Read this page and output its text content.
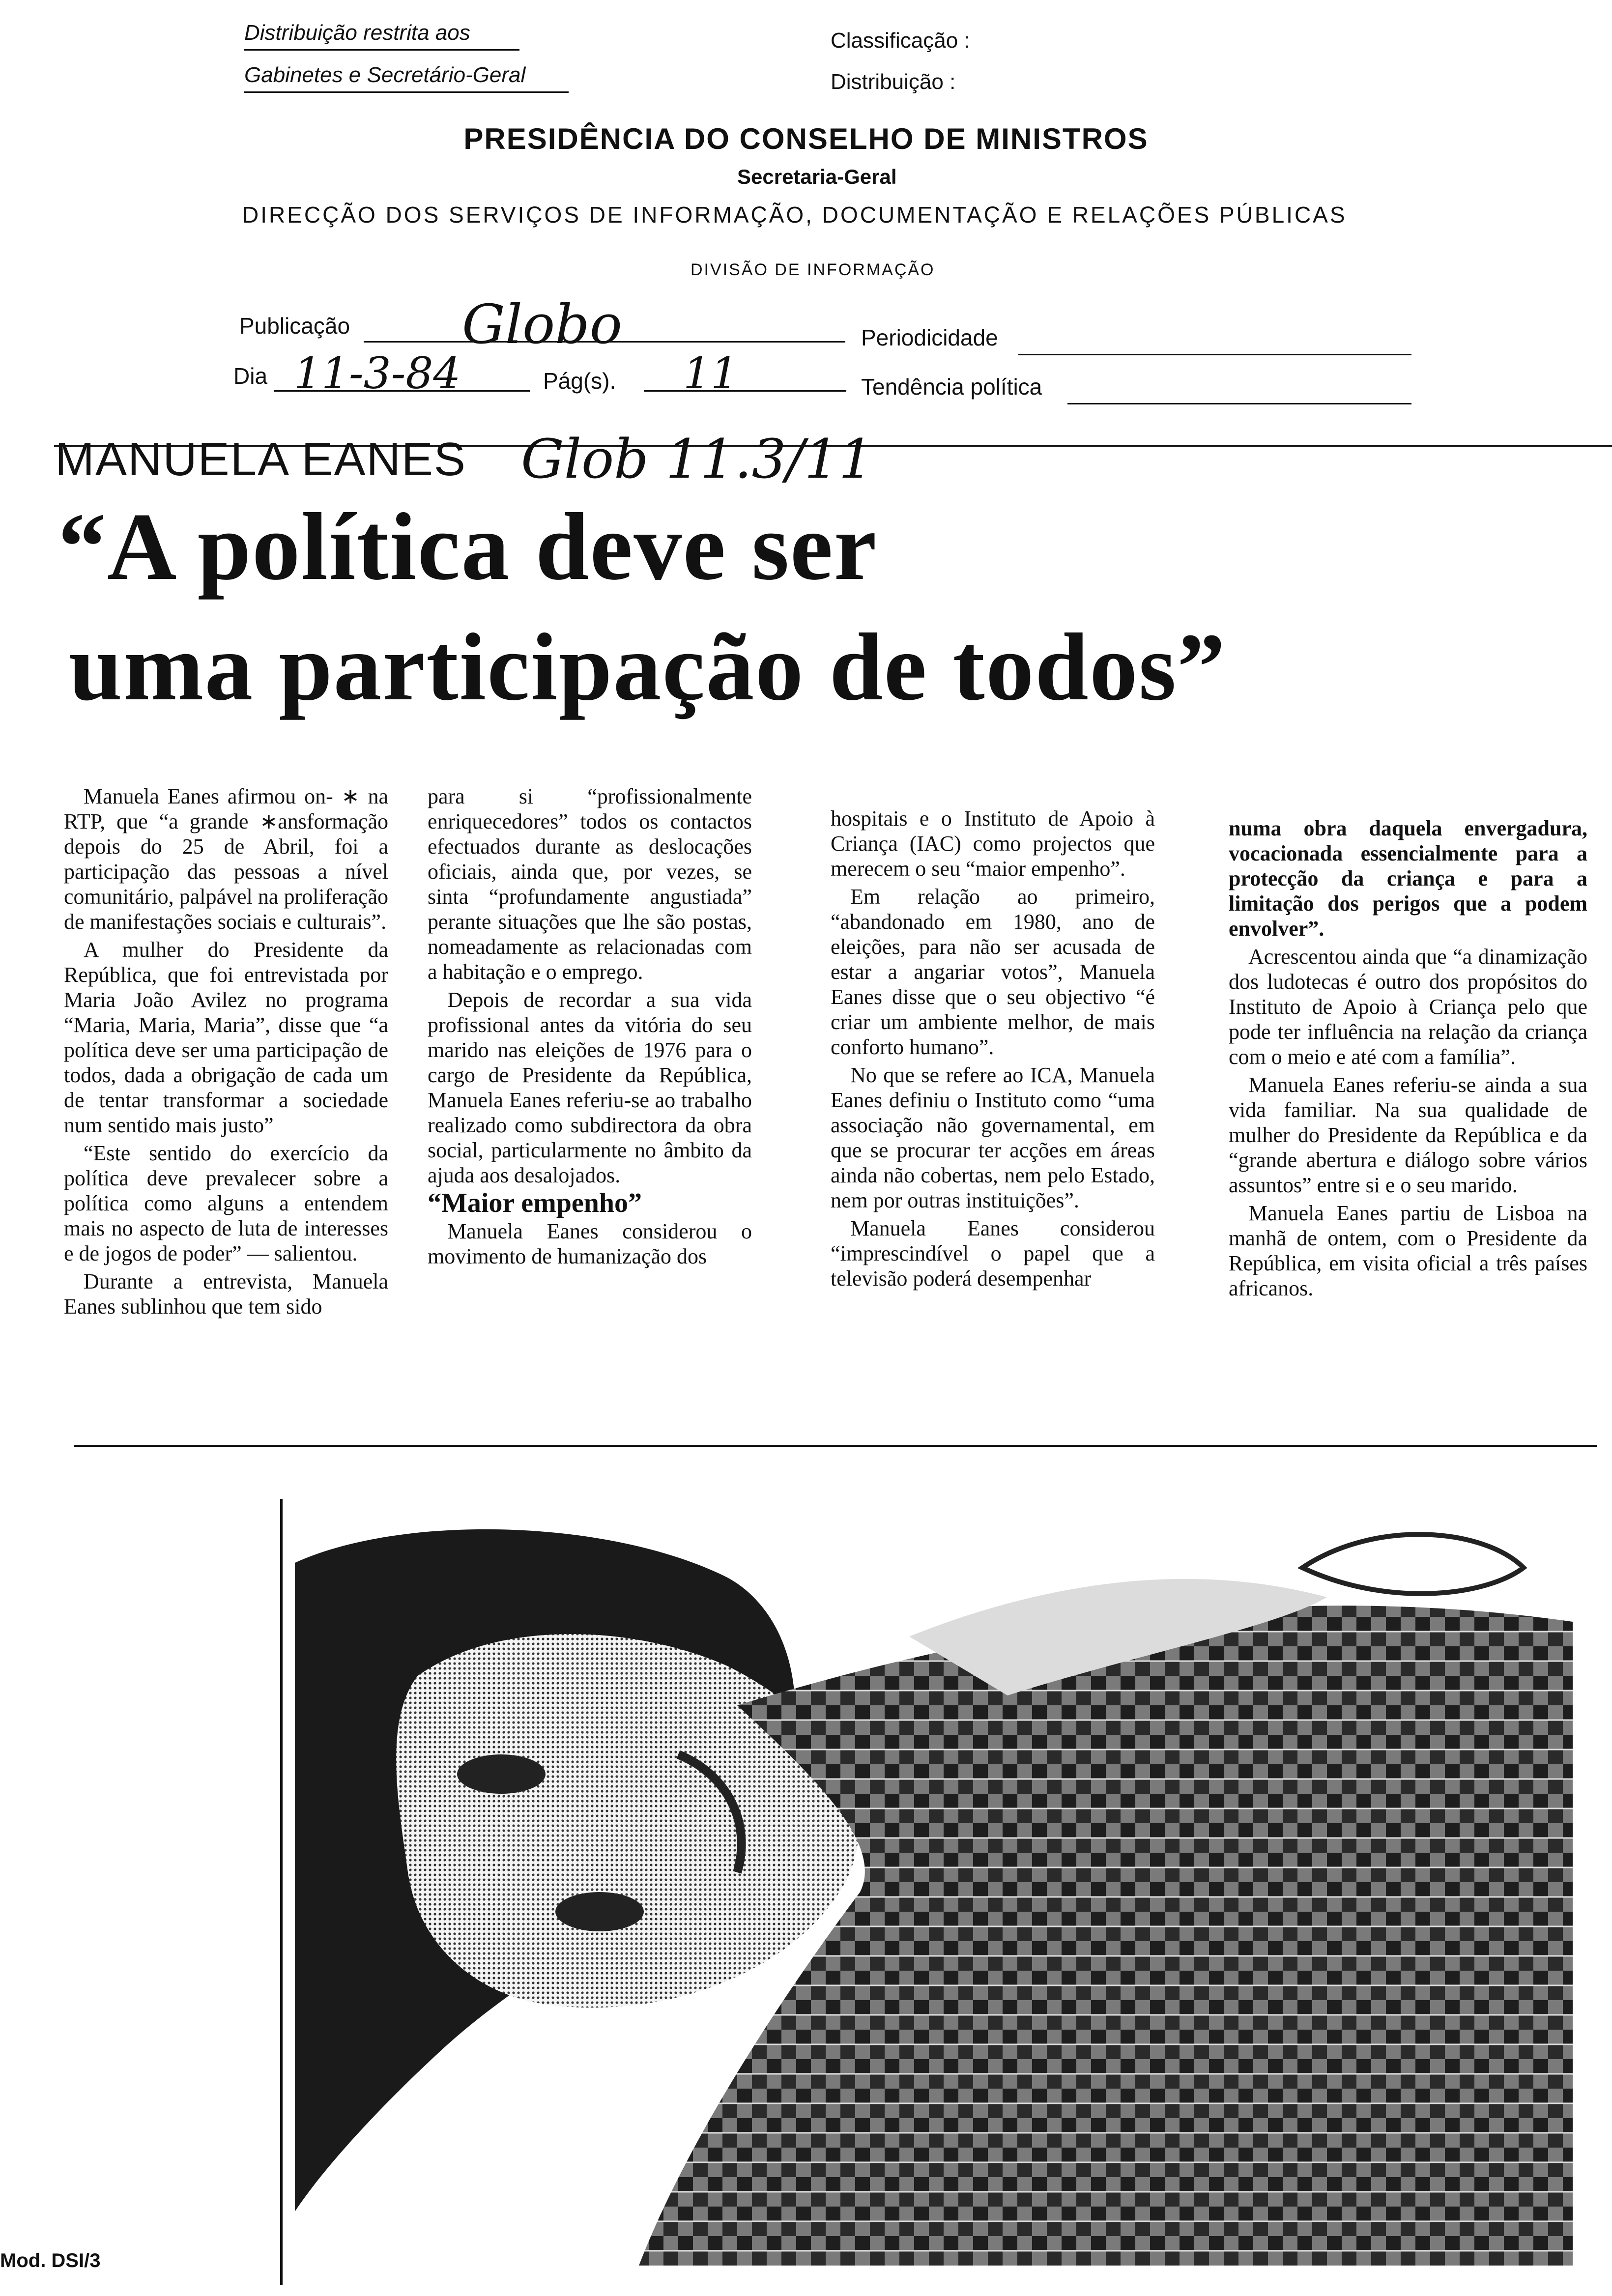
Distribuição restrita aos
Gabinetes e Secretário-Geral
Classificação :
Distribuição :
PRESIDÊNCIA DO CONSELHO DE MINISTROS
Secretaria-Geral
DIRECÇÃO DOS SERVIÇOS DE INFORMAÇÃO, DOCUMENTAÇÃO E RELAÇÕES PÚBLICAS
DIVISÃO DE INFORMAÇÃO
Publicação Globo	Periodicidade
Dia 11-3-84	Pág(s). 11	Tendência política
MANUELA EANES Glob 11.3/11
“A política deve ser
uma participação de todos”

Manuela Eanes afirmou on- ∗ na RTP, que “a grande ∗ansformação depois do 25 de Abril, foi a participação das pessoas a nível comunitário, palpável na proliferação de manifestações sociais e culturais”.

A mulher do Presidente da República, que foi entrevistada por Maria João Avilez no programa “Maria, Maria, Maria”, disse que “a política deve ser uma participação de todos, dada a obrigação de cada um de tentar transformar a sociedade num sentido mais justo”

“Este sentido do exercício da política deve prevalecer sobre a política como alguns a entendem mais no aspecto de luta de interesses e de jogos de poder” — salientou.

Durante a entrevista, Manuela Eanes sublinhou que tem sido

para si “profissionalmente enriquecedores” todos os contactos efectuados durante as deslocações oficiais, ainda que, por vezes, se sinta “profundamente angustiada” perante situações que lhe são postas, nomeadamente as relacionadas com a habitação e o emprego.

Depois de recordar a sua vida profissional antes da vitória do seu marido nas eleições de 1976 para o cargo de Presidente da República, Manuela Eanes referiu-se ao trabalho realizado como subdirectora da obra social, particularmente no âmbito da ajuda aos desalojados.

“Maior empenho”

Manuela Eanes considerou o movimento de humanização dos

hospitais e o Instituto de Apoio à Criança (IAC) como projectos que merecem o seu “maior empenho”.

Em relação ao primeiro, “abandonado em 1980, ano de eleições, para não ser acusada de estar a angariar votos”, Manuela Eanes disse que o seu objectivo “é criar um ambiente melhor, de mais conforto humano”.

No que se refere ao ICA, Manuela Eanes definiu o Instituto como “uma associação não governamental, em que se procurar ter acções em áreas ainda não cobertas, nem pelo Estado, nem por outras instituições”.

Manuela Eanes considerou “imprescindível o papel que a televisão poderá desempenhar

numa obra daquela envergadura, vocacionada essencialmente para a protecção da criança e para a limitação dos perigos que a podem envolver”.

Acrescentou ainda que “a dinamização dos ludotecas é outro dos propósitos do Instituto de Apoio à Criança pelo que pode ter influência na relação da criança com o meio e até com a família”.

Manuela Eanes referiu-se ainda a sua vida familiar. Na sua qualidade de mulher do Presidente da República e da “grande abertura e diálogo sobre vários assuntos” entre si e o seu marido.

Manuela Eanes partiu de Lisboa na manhã de ontem, com o Presidente da República, em visita oficial a três países africanos.

Mod. DSI/3
